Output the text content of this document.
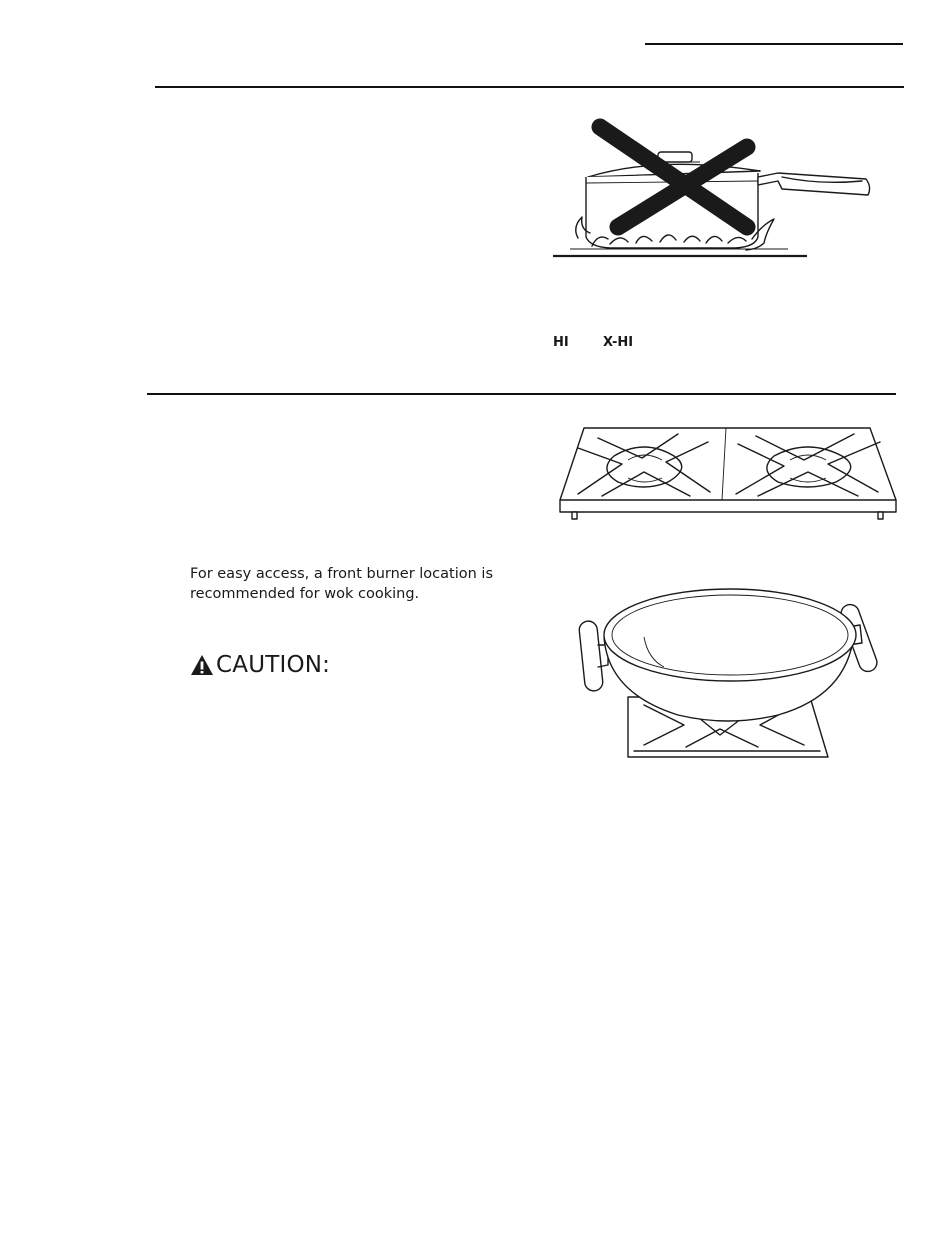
HI	X-HI

For easy access, a front burner location is recommended for wok cooking.

CAUTION:
